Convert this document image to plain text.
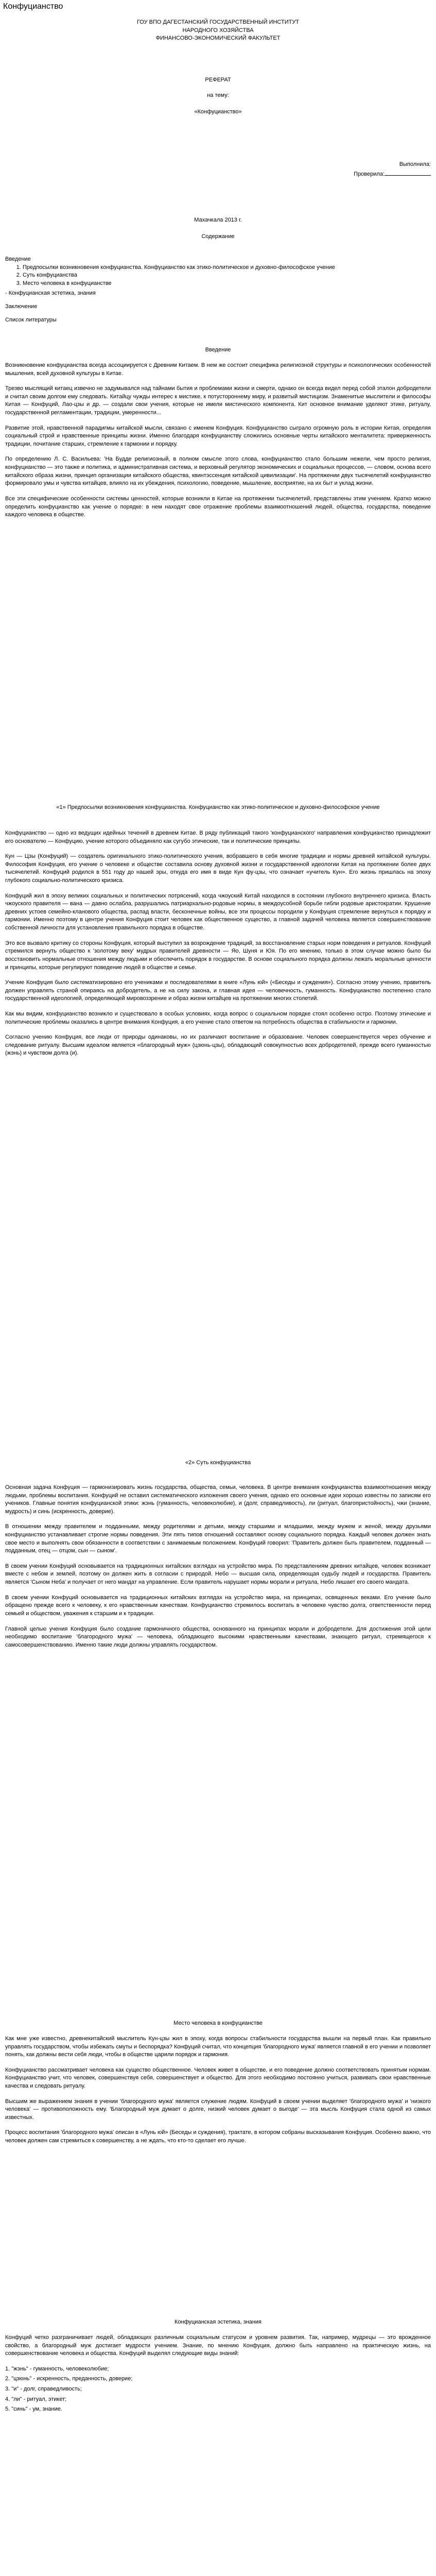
Конфуцианство

ГОУ ВПО ДАГЕСТАНСКИЙ ГОСУДАРСТВЕННЫЙ ИНСТИТУТ

НАРОДНОГО ХОЗЯЙСТВА

ФИНАНСОВО-ЭКОНОМИЧЕСКИЙ ФАКУЛЬТЕТ

РЕФЕРАТ
на тему:
«Конфуцианство»
Выполнила:
Проверила:
Махачкала 2013 г.
Содержание

Введение

1. Предпосылки возникновения конфуцианства. Конфуцианство как этико-политическое и духовно-философское учение
2. Суть конфуцианства
3. Место человека в конфуцианстве

- Конфуцианская эстетика, знания

Заключение

Список литературы

Введение

Возникновение конфуцианства всегда ассоциируется с Древним Китаем. В нем же состоит специфика религиозной структуры и психологических особенностей мышления, всей духовной культуры в Китае.

Трезво мыслящий китаец извечно не задумывался над тайнами бытия и проблемами жизни и смерти, однако он всегда видел перед собой эталон добродетели и считал своим долгом ему следовать. Китайцу чужды интерес к мистике, к потустороннему миру, и развитый мистицизм. Знаменитые мыслители и философы Китая — Конфуций, Лао-цзы и др. — создали свои учения, которые не имели мистического компонента. Кит основное внимание уделяют этике, ритуалу, государственной регламентации, традиции, умеренности...

Развитие этой, нравственной парадигмы китайской мысли, связано с именем Конфуция. Конфуцианство сыграло огромную роль в истории Китая, определяя социальный строй и нравственные принципы жизни. Именно благодаря конфуцианству сложились основные черты китайского менталитета: приверженность традиции, почитание старших, стремление к гармонии и порядку.

По определению Л. С. Васильева: 'На Будде религиозный, в полном смысле этого слова, конфуцианство стало большим нежели, чем просто религия, конфуцианство — это также и политика, и административная система, и верховный регулятор экономических и социальных процессов, — словом, основа всего китайского образа жизни, принцип организации китайского общества, квинтэссенция китайской цивилизации'. На протяжении двух тысячелетий конфуцианство формировало умы и чувства китайцев, влияло на их убеждения, психологию, поведение, мышление, восприятие, на их быт и уклад жизни.

Все эти специфические особенности системы ценностей, которые возникли в Китае на протяжении тысячелетий, представлены этим учением. Кратко можно определить конфуцианство как учение о порядке: в нем находят свое отражение проблемы взаимоотношений людей, общества, государства, поведение каждого человека в обществе.

«1» Предпосылки возникновения конфуцианства. Конфуцианство как этико-политическое и духовно-философское учение

Конфуцианство — одно из ведущих идейных течений в древнем Китае. В ряду публикаций такого 'конфуцианского' направления конфуцианство принадлежит его основателю — Конфуцию, учение которого объединяло как сугубо этические, так и политические принципы.

Кун — Цзы (Конфуций) — создатель оригинального этико-политического учения, вобравшего в себя многие традиции и нормы древней китайской культуры. Философия Конфуция, его учение о человеке и обществе составила основу духовной жизни и государственной идеологии Китая на протяжении более двух тысячелетий. Конфуций родился в 551 году до нашей эры, откуда его имя в виде Кун фу-цзы, что означает «учитель Кун». Его жизнь пришлась на эпоху глубокого социально-политического кризиса.

Конфуций жил в эпоху великих социальных и политических потрясений, когда чжоуский Китай находился в состоянии глубокого внутреннего кризиса. Власть чжоуского правителя — вана — давно ослабла, разрушались патриархально-родовые нормы, в междоусобной борьбе гибли родовые аристократии. Крушение древних устоев семейно-кланового общества, распад власти, бесконечные войны, все эти процессы породили у Конфуция стремление вернуться к порядку и гармонии. Именно поэтому в центре учения Конфуция стоит человек как общественное существо, а главной задачей человека является совершенствование собственной личности для установления правильного порядка в обществе.

Это все вызвало критику со стороны Конфуция, который выступил за возрождение традиций, за восстановление старых норм поведения и ритуалов. Конфуций стремился вернуть общество к 'золотому веку' мудрых правителей древности — Яо, Шуня и Юя. По его мнению, только в этом случае можно было бы восстановить нормальные отношения между людьми и обеспечить порядок в государстве. В основе социального порядка должны лежать моральные ценности и принципы, которые регулируют поведение людей в обществе и семье.

Учение Конфуция было систематизировано его учениками и последователями в книге «Лунь юй» («Беседы и суждения»). Согласно этому учению, правитель должен управлять страной опираясь на добродетель, а не на силу закона, и главная идея — человечность, гуманность. Конфуцианство постепенно стало государственной идеологией, определяющей мировоззрение и образ жизни китайцев на протяжении многих столетий.

Как мы видим, конфуцианство возникло и существовало в особых условиях, когда вопрос о социальном порядке стоял особенно остро. Поэтому этические и политические проблемы оказались в центре внимания Конфуция, а его учение стало ответом на потребность общества в стабильности и гармонии.

Согласно учению Конфуция, все люди от природы одинаковы, но их различают воспитание и образование. Человек совершенствуется через обучение и следование ритуалу. Высшим идеалом является «благородный муж» (цзюнь-цзы), обладающий совокупностью всех добродетелей, прежде всего гуманностью (жэнь) и чувством долга (и).

«2» Суть конфуцианства

Основная задача Конфуция — гармонизировать жизнь государства, общества, семьи, человека. В центре внимания конфуцианства взаимоотношения между людьми, проблемы воспитания. Конфуций не оставил систематического изложения своего учения, однако его основные идеи хорошо известны по записям его учеников. Главные понятия конфуцианской этики: жэнь (гуманность, человеколюбие), и (долг, справедливость), ли (ритуал, благопристойность), чжи (знание, мудрость) и синь (искренность, доверие).

В отношении между правителем и подданными, между родителями и детьми, между старшими и младшими, между мужем и женой, между друзьями конфуцианство устанавливает строгие нормы поведения. Эти пять типов отношений составляют основу социального порядка. Каждый человек должен знать свое место и выполнять свои обязанности в соответствии с занимаемым положением. Конфуций говорил: 'Правитель должен быть правителем, подданный — подданным, отец — отцом, сын — сыном'.

В своем учении Конфуций основывается на традиционных китайских взглядах на устройство мира. По представлениям древних китайцев, человек возникает вместе с небом и землей, поэтому он должен жить в согласии с природой. Небо — высшая сила, определяющая судьбу людей и государства. Правитель является 'Сыном Неба' и получает от него мандат на управление. Если правитель нарушает нормы морали и ритуала, Небо лишает его своего мандата.

В своем учении Конфуций основывается на традиционных китайских взглядах на устройство мира, на принципах, освященных веками. Его учение было обращено прежде всего к человеку, к его нравственным качествам. Конфуцианство стремилось воспитать в человеке чувство долга, ответственности перед семьей и обществом, уважения к старшим и к традиции.

Главной целью учения Конфуция было создание гармоничного общества, основанного на принципах морали и добродетели. Для достижения этой цели необходимо воспитание 'благородного мужа' — человека, обладающего высокими нравственными качествами, знающего ритуал, стремящегося к самосовершенствованию. Именно такие люди должны управлять государством.

Место человека в конфуцианстве

Как мне уже известно, древнекитайский мыслитель Кун-цзы жил в эпоху, когда вопросы стабильности государства вышли на первый план. Как правильно управлять государством, чтобы избежать смуты и беспорядка? Конфуций считал, что концепция 'благородного мужа' является главной в его учении и позволяет понять, как должны вести себя люди, чтобы в обществе царили порядок и гармония.

Конфуцианство рассматривает человека как существо общественное. Человек живет в обществе, и его поведение должно соответствовать принятым нормам. Конфуцианство учит, что человек, совершенствуя себя, совершенствует и общество. Для этого необходимо постоянно учиться, развивать свои нравственные качества и следовать ритуалу.

Высшим же выражением знания в учении 'благородного мужа' является служение людям. Конфуций в своем учении выделяет 'благородного мужа' и 'низкого человека' — противоположность ему. 'Благородный муж думает о долге, низкий человек думает о выгоде' — эта мысль Конфуция стала одной из самых известных.

Процесс воспитания 'благородного мужа' описан в «Лунь юй» (Беседы и суждения), трактате, в котором собраны высказывания Конфуция. Особенно важно, что человек должен сам стремиться к совершенству, а не ждать, что кто-то сделает его лучше.

Конфуцианская эстетика, знания

Конфуций четко разграничивает людей, обладающих различным социальным статусом и уровнем развития. Так, например, мудрецы — это врожденное свойство, а благородный муж достигает мудрости учением. Знание, по мнению Конфуция, должно быть направлено на практическую жизнь, на совершенствование человека и общества. Конфуций выделял следующие виды знаний:

1. "жэнь" - гуманность, человеколюбие;
2. "цзюнь" - искренность, преданность, доверие;
3. "и" - долг, справедливость;
4. "ли" - ритуал, этикет;
5. "синь" - ум, знание.
